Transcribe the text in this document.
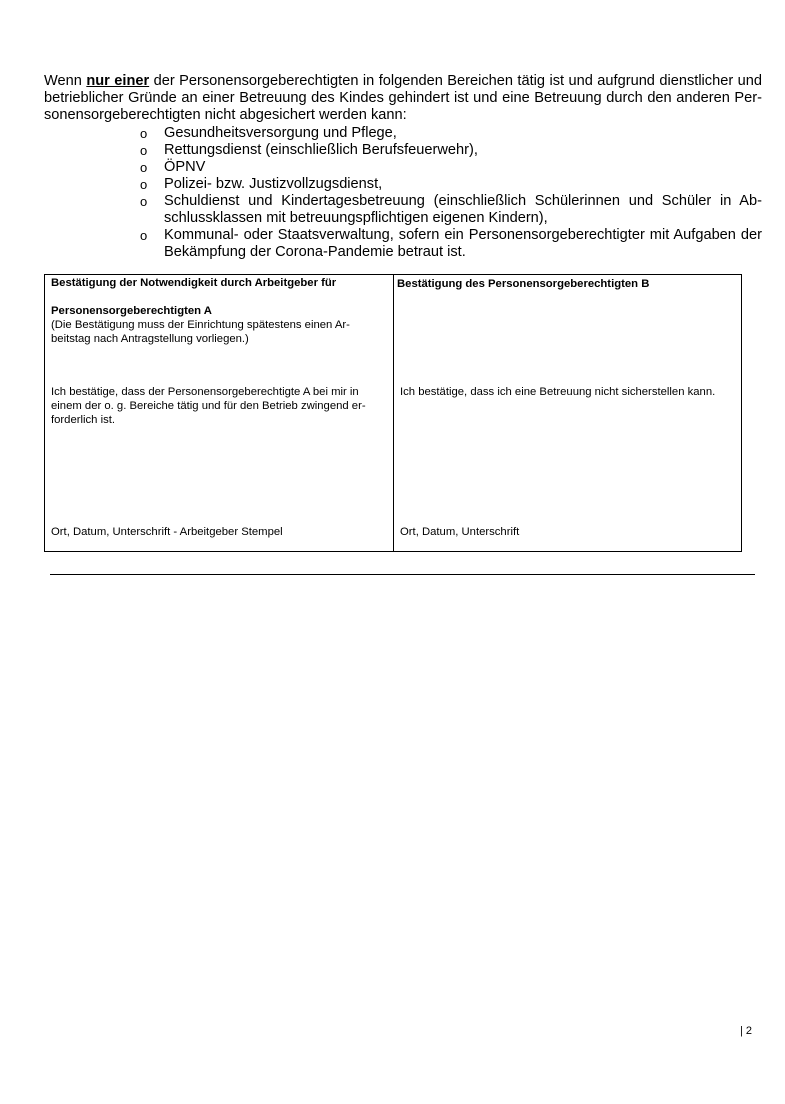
Wenn nur einer der Personensorgeberechtigten in folgenden Bereichen tätig ist und aufgrund dienstlicher und betrieblicher Gründe an einer Betreuung des Kindes gehindert ist und eine Betreuung durch den anderen Per-sonensorgeberechtigten nicht abgesichert werden kann:

o Gesundheitsversorgung und Pflege,
o Rettungsdienst (einschließlich Berufsfeuerwehr),
o ÖPNV
o Polizei- bzw. Justizvollzugsdienst,
o Schuldienst und Kindertagesbetreuung (einschließlich Schülerinnen und Schüler in Ab-schlussklassen mit betreuungspflichtigen eigenen Kindern),
o Kommunal- oder Staatsverwaltung, sofern ein Personensorgeberechtigter mit Aufgaben der Bekämpfung der Corona-Pandemie betraut ist.
Bestätigung der Notwendigkeit durch Arbeitgeber für
Personensorgeberechtigten A
(Die Bestätigung muss der Einrichtung spätestens einen Ar-beitstag nach Antragstellung vorliegen.)
Ich bestätige, dass der Personensorgeberechtigte A bei mir in einem der o. g. Bereiche tätig und für den Betrieb zwingend er-forderlich ist.
Ort, Datum, Unterschrift - Arbeitgeber Stempel
Bestätigung des Personensorgeberechtigten B
Ich bestätige, dass ich eine Betreuung nicht sicherstellen kann.
Ort, Datum, Unterschrift
| 2
